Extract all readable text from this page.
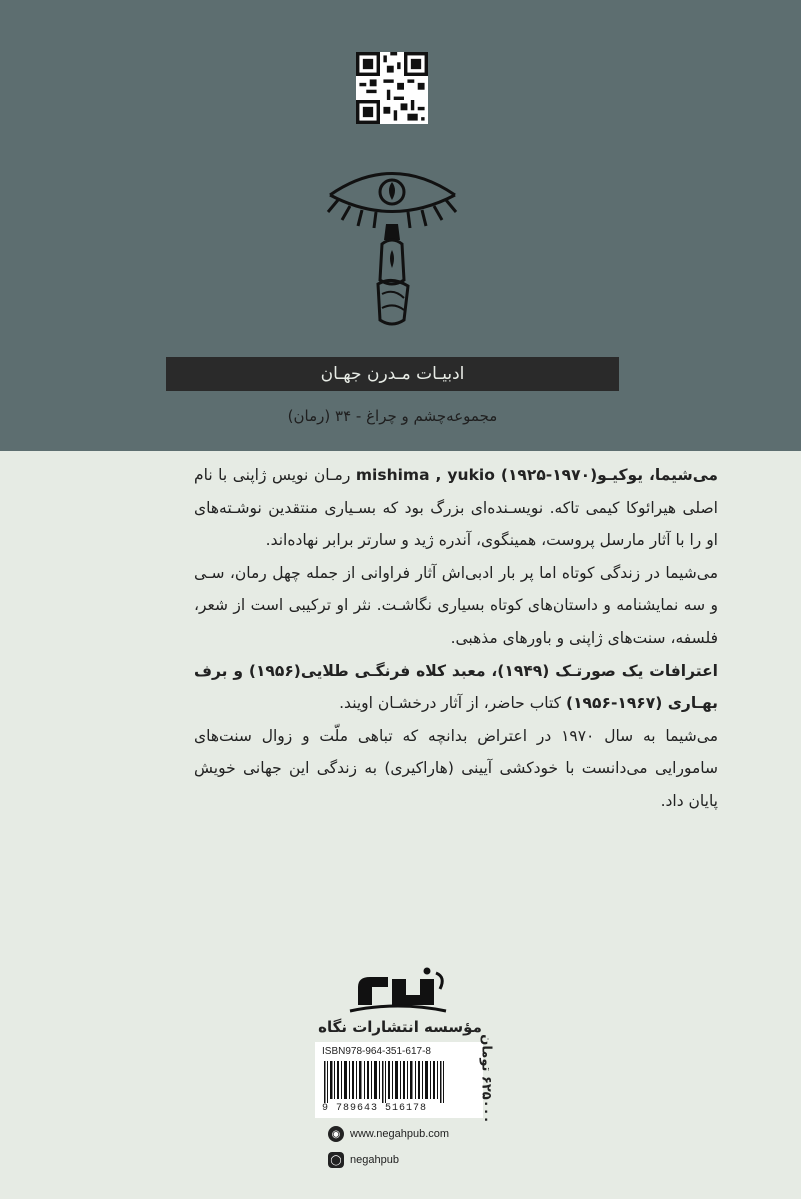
ادبیـات مـدرن جهـان
مجموعه‌چشم و چراغ - ۳۴ (رمان)

می‌شیما، یوکیـو(۱۹۷۰-۱۹۲۵) mishima , yukio رمـان نویس ژاپنی با نام اصلی هیرائوکا کیمی تاکه. نویسـنده‌ای بزرگ بود که بسـیاری منتقدین نوشـته‌های او را با آثار مارسل پروست، همینگوی، آندره ژید و سارتر برابر نهاده‌اند.

می‌شیما در زندگی کوتاه اما پر بار ادبی‌اش آثار فراوانی از جمله چهل رمان، سـی و سه نمایشنامه و داستان‌های کوتاه بسیاری نگاشـت. نثر او ترکیبی است از شعر، فلسفه، سنت‌های ژاپنی و باورهای مذهبی.

اعترافات یک صورتـک (۱۹۴۹)، معبد کلاه فرنگـی طلایی(۱۹۵۶) و برف بهـاری (۱۹۶۷-۱۹۵۶) کتاب حاضر، از آثار درخشـان اویند.

می‌شیما به سال ۱۹۷۰ در اعتراض بدانچه که تباهی ملّت و زوال سنت‌های سامورایی می‌دانست با خودکشی آیینی (هاراکیری) به زندگی این جهانی خویش پایان داد.

مؤسسه انتشارات نگاه
ISBN978-964-351-617-8
9 789643 516178
۶۲۵۰۰۰ تومان
◉ www.negahpub.com
◯ negahpub
